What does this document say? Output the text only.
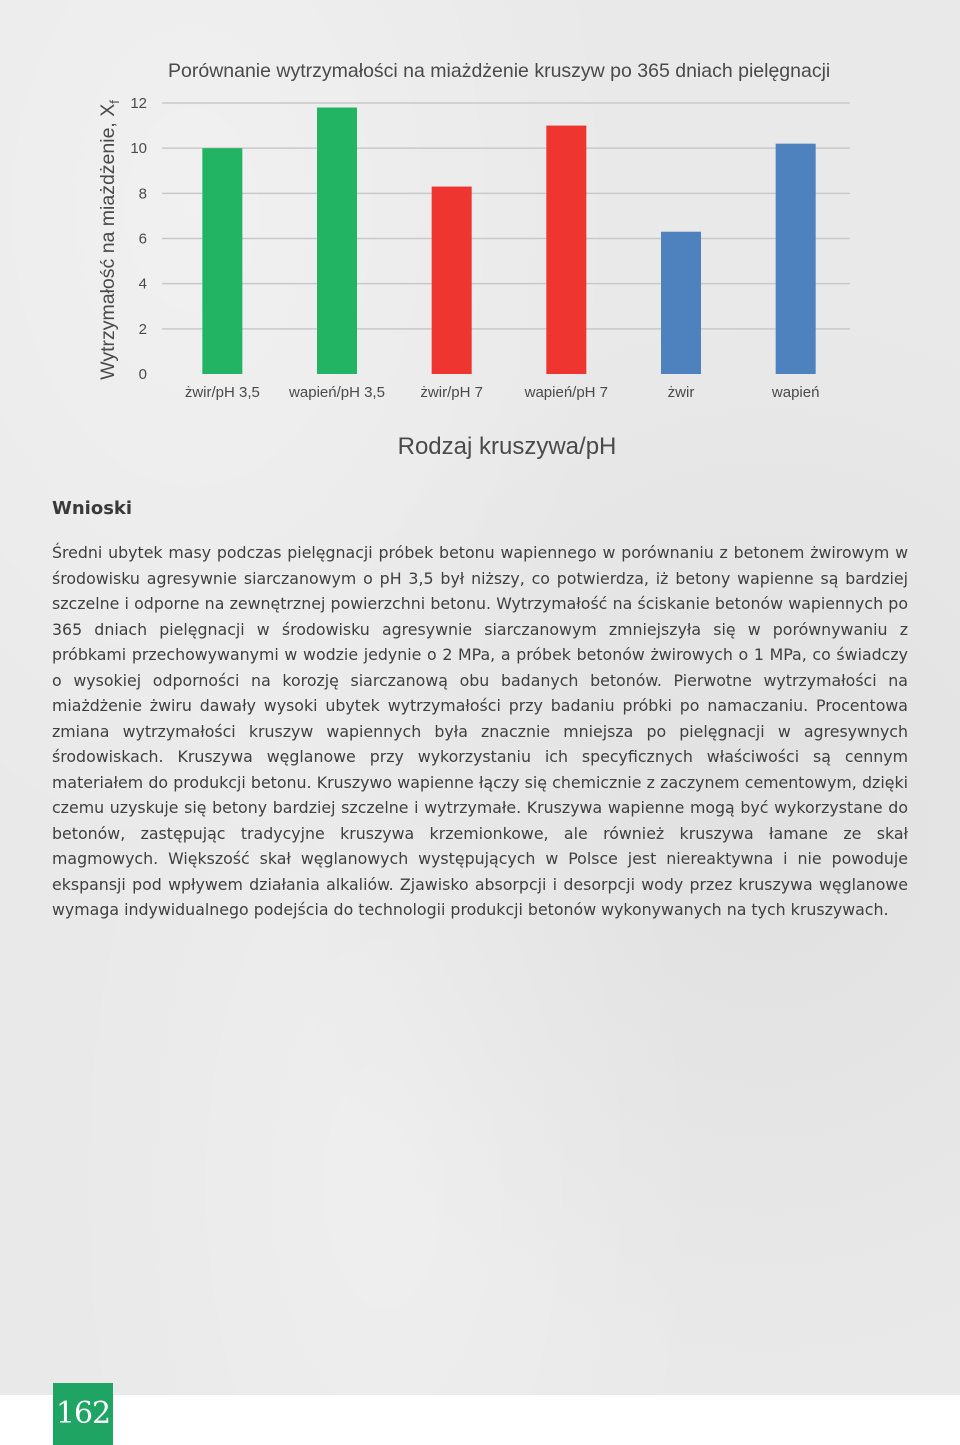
Porównanie wytrzymałości na miażdżenie kruszyw po 365 dniach pielęgnacji
0
2
4
6
8
10
12
żwir/pH 3,5 wapień/pH 3,5 żwir/pH 7	wapień/pH 7	żwir	wapień
Wytrzymałość na miażdżenie, $X_f$
Rodzaj kruszywa/pH
Wnioski

Średni ubytek masy podczas pielęgnacji próbek betonu wapiennego w porównaniu z betonem żwirowym w środowisku agresywnie siarczanowym o pH 3,5 był niższy, co potwierdza, iż betony wapienne są bardziej szczelne i odporne na zewnętrznej powierzchni betonu. Wytrzymałość na ściskanie betonów wapiennych po 365 dniach pielęgnacji w środowisku agresywnie siarczanowym zmniejszyła się w porównywaniu z próbkami przechowywanymi w wodzie jedynie o 2 MPa, a próbek betonów żwirowych o 1 MPa, co świadczy o wysokiej odporności na korozję siarczanową obu badanych betonów. Pierwotne wytrzymałości na miażdżenie żwiru dawały wysoki ubytek wytrzymałości przy badaniu próbki po namaczaniu. Procentowa zmiana wytrzymałości kruszyw wapiennych była znacznie mniejsza po pielęgnacji w agresywnych środowiskach. Kruszywa węglanowe przy wykorzystaniu ich specyficznych właściwości są cennym materiałem do produkcji betonu. Kruszywo wapienne łączy się chemicznie z zaczynem cementowym, dzięki czemu uzyskuje się betony bardziej szczelne i wytrzymałe. Kruszywa wapienne mogą być wykorzystane do betonów, zastępując tradycyjne kruszywa krzemionkowe, ale również kruszywa łamane ze skał magmowych. Większość skał węglanowych występujących w Polsce jest niereaktywna i nie powoduje ekspansji pod wpływem działania alkaliów. Zjawisko absorpcji i desorpcji wody przez kruszywa węglanowe wymaga indywidualnego podejścia do technologii produkcji betonów wykonywanych na tych kruszywach.

162
